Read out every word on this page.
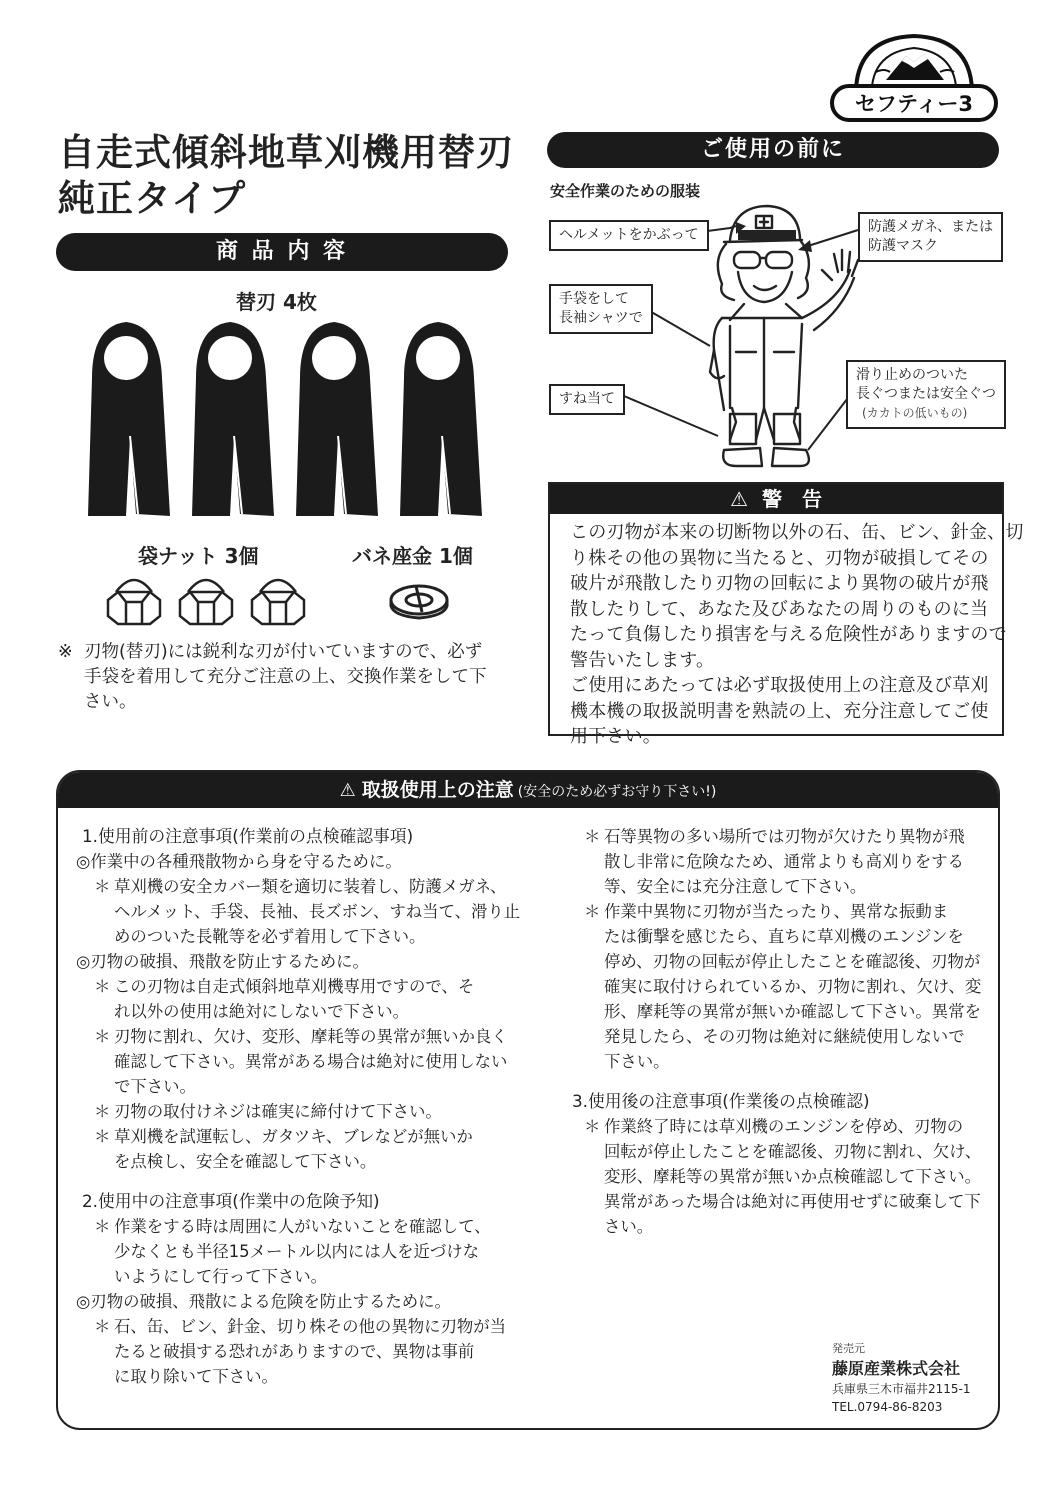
セフティー3
自走式傾斜地草刈機用替刃
純正タイプ
商 品 内 容
替刃 4枚
袋ナット 3個	バネ座金 1個
※ 刃物(替刃)には鋭利な刃が付いていますので、必ず
手袋を着用して充分ご注意の上、交換作業をして下
さい。
ご使用の前に
安全作業のための服装
ヘルメットをかぶって	防護メガネ、または
防護マスク
手袋をして
長袖シャツで
すね当て
滑り止めのついた
長ぐつまたは安全ぐつ
(カカトの低いもの)
⚠ 警　告
この刃物が本来の切断物以外の石、缶、ビン、針金、切
り株その他の異物に当たると、刃物が破損してその
破片が飛散したり刃物の回転により異物の破片が飛
散したりして、あなた及びあなたの周りのものに当
たって負傷したり損害を与える危険性がありますので
警告いたします。
ご使用にあたっては必ず取扱使用上の注意及び草刈
機本機の取扱説明書を熟読の上、充分注意してご使
用下さい。
⚠ 取扱使用上の注意 (安全のため必ずお守り下さい!)
1.使用前の注意事項(作業前の点検確認事項)
◎作業中の各種飛散物から身を守るために。
＊ 草刈機の安全カバー類を適切に装着し、防護メガネ、
ヘルメット、手袋、長袖、長ズボン、すね当て、滑り止
めのついた長靴等を必ず着用して下さい。
◎刃物の破損、飛散を防止するために。
＊ この刃物は自走式傾斜地草刈機専用ですので、そ
れ以外の使用は絶対にしないで下さい。
＊ 刃物に割れ、欠け、変形、摩耗等の異常が無いか良く
確認して下さい。異常がある場合は絶対に使用しない
で下さい。
＊ 刃物の取付けネジは確実に締付けて下さい。
＊ 草刈機を試運転し、ガタツキ、ブレなどが無いか
を点検し、安全を確認して下さい。
2.使用中の注意事項(作業中の危険予知)
＊ 作業をする時は周囲に人がいないことを確認して、
少なくとも半径15メートル以内には人を近づけな
いようにして行って下さい。
◎刃物の破損、飛散による危険を防止するために。
＊ 石、缶、ビン、針金、切り株その他の異物に刃物が当
たると破損する恐れがありますので、異物は事前
に取り除いて下さい。
＊ 石等異物の多い場所では刃物が欠けたり異物が飛
散し非常に危険なため、通常よりも高刈りをする
等、安全には充分注意して下さい。
＊ 作業中異物に刃物が当たったり、異常な振動ま
たは衝撃を感じたら、直ちに草刈機のエンジンを
停め、刃物の回転が停止したことを確認後、刃物が
確実に取付けられているか、刃物に割れ、欠け、変
形、摩耗等の異常が無いか確認して下さい。異常を
発見したら、その刃物は絶対に継続使用しないで
下さい。
3.使用後の注意事項(作業後の点検確認)
＊ 作業終了時には草刈機のエンジンを停め、刃物の
回転が停止したことを確認後、刃物に割れ、欠け、
変形、摩耗等の異常が無いか点検確認して下さい。
異常があった場合は絶対に再使用せずに破棄して下
さい。
発売元
藤原産業株式会社
兵庫県三木市福井2115-1
TEL.0794-86-8203
